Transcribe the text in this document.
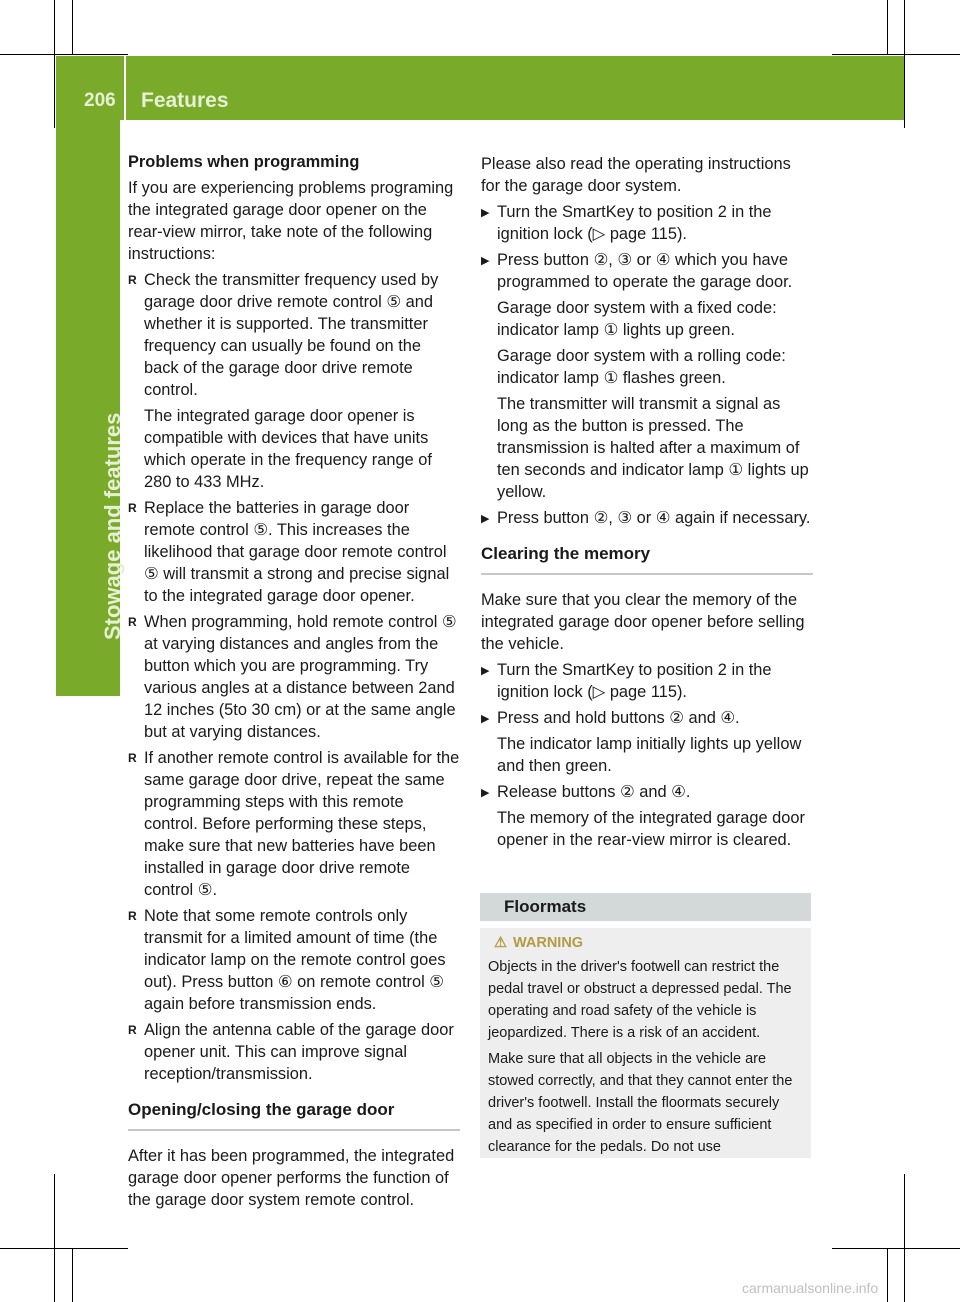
206 Features
Stowage and features

Problems when programming

If you are experiencing problems programing the integrated garage door opener on the rear-view mirror, take note of the following instructions:

R Check the transmitter frequency used by garage door drive remote control ⑤ and whether it is supported. The transmitter frequency can usually be found on the back of the garage door drive remote control.

The integrated garage door opener is compatible with devices that have units which operate in the frequency range of 280 to 433 MHz.

R Replace the batteries in garage door remote control ⑤. This increases the likelihood that garage door remote control ⑤ will transmit a strong and precise signal to the integrated garage door opener.

R When programming, hold remote control ⑤ at varying distances and angles from the button which you are programming. Try various angles at a distance between 2and 12 inches (5to 30 cm) or at the same angle but at varying distances.

R If another remote control is available for the same garage door drive, repeat the same programming steps with this remote control. Before performing these steps, make sure that new batteries have been installed in garage door drive remote control ⑤.

R Note that some remote controls only transmit for a limited amount of time (the indicator lamp on the remote control goes out). Press button ⑥ on remote control ⑤ again before transmission ends.

R Align the antenna cable of the garage door opener unit. This can improve signal reception/transmission.

Opening/closing the garage door

After it has been programmed, the integrated garage door opener performs the function of the garage door system remote control.

Please also read the operating instructions for the garage door system.

▶ Turn the SmartKey to position 2 in the ignition lock (▷ page 115).

▶ Press button ②, ③ or ④ which you have programmed to operate the garage door.

Garage door system with a fixed code: indicator lamp ① lights up green.

Garage door system with a rolling code: indicator lamp ① flashes green.

The transmitter will transmit a signal as long as the button is pressed. The transmission is halted after a maximum of ten seconds and indicator lamp ① lights up yellow.

▶ Press button ②, ③ or ④ again if necessary.

Clearing the memory

Make sure that you clear the memory of the integrated garage door opener before selling the vehicle.

▶ Turn the SmartKey to position 2 in the ignition lock (▷ page 115).

▶ Press and hold buttons ② and ④.

The indicator lamp initially lights up yellow and then green.

▶ Release buttons ② and ④.

The memory of the integrated garage door opener in the rear-view mirror is cleared.

Floormats
⚠ WARNING

Objects in the driver's footwell can restrict the pedal travel or obstruct a depressed pedal. The operating and road safety of the vehicle is jeopardized. There is a risk of an accident.

Make sure that all objects in the vehicle are stowed correctly, and that they cannot enter the driver's footwell. Install the floormats securely and as specified in order to ensure sufficient clearance for the pedals. Do not use

carmanualsonline.info
